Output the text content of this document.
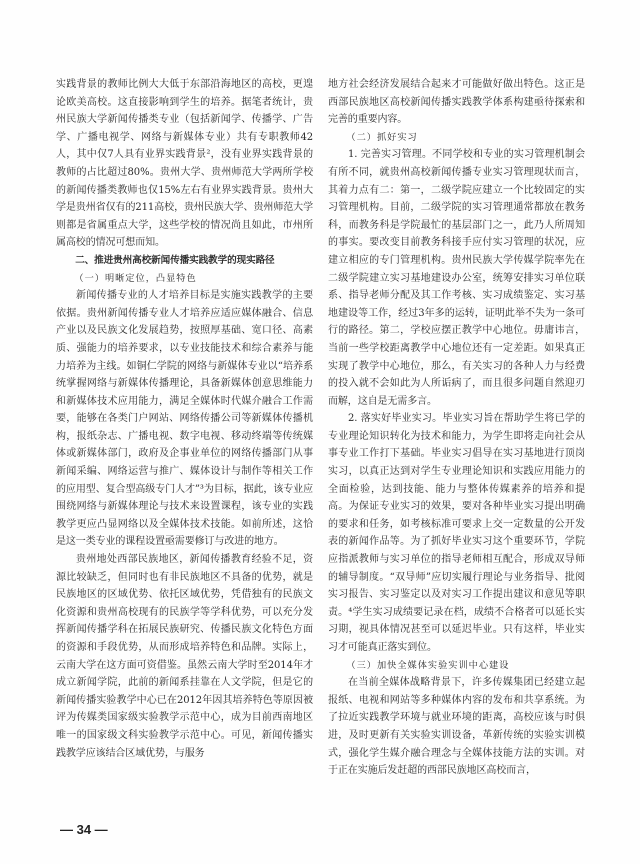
实践背景的教师比例大大低于东部沿海地区的高校，更遑论欧美高校。这直接影响到学生的培养。据笔者统计，贵州民族大学新闻传播类专业（包括新闻学、传播学、广告学、广播电视学、网络与新媒体专业）共有专职教师42人，其中仅7人具有业界实践背景²，没有业界实践背景的教师的占比超过80%。贵州大学、贵州师范大学两所学校的新闻传播类教师也仅15%左右有业界实践背景。贵州大学是贵州省仅有的211高校，贵州民族大学、贵州师范大学则都是省属重点大学，这些学校的情况尚且如此，市州所属高校的情况可想而知。

二、推进贵州高校新闻传播实践教学的现实路径

（一）明晰定位，凸显特色

新闻传播专业的人才培养目标是实施实践教学的主要依据。贵州新闻传播专业人才培养应适应媒体融合、信息产业以及民族文化发展趋势，按照厚基础、宽口径、高素质、强能力的培养要求，以专业技能技术和综合素养与能力培养为主线。如铜仁学院的网络与新媒体专业以“培养系统掌握网络与新媒体传播理论，具备新媒体创意思维能力和新媒体技术应用能力，满足全媒体时代媒介融合工作需要，能够在各类门户网站、网络传播公司等新媒体传播机构，报纸杂志、广播电视、数字电视、移动终端等传统媒体或新媒体部门，政府及企事业单位的网络传播部门从事新闻采编、网络运营与推广、媒体设计与制作等相关工作的应用型、复合型高级专门人才”³为目标，据此，该专业应围绕网络与新媒体理论与技术来设置课程，该专业的实践教学更应凸显网络以及全媒体技术技能。如前所述，这恰是这一类专业的课程设置亟需要修订与改进的地方。

贵州地处西部民族地区，新闻传播教育经验不足，资源比较缺乏，但同时也有非民族地区不具备的优势，就是民族地区的区域优势、依托区域优势，凭借独有的民族文化资源和贵州高校现有的民族学等学科优势，可以充分发挥新闻传播学科在拓展民族研究、传播民族文化特色方面的资源和手段优势，从而形成培养特色和品牌。实际上，云南大学在这方面可资借鉴。虽然云南大学时至2014年才成立新闻学院，此前的新闻系挂靠在人文学院，但是它的新闻传播实验教学中心已在2012年因其培养特色等原因被评为传媒类国家级实验教学示范中心，成为目前西南地区唯一的国家级文科实验教学示范中心。可见，新闻传播实践教学应该结合区域优势，与服务

地方社会经济发展结合起来才可能做好做出特色。这正是西部民族地区高校新闻传播实践教学体系构建亟待探索和完善的重要内容。

（二）抓好实习

1. 完善实习管理。不同学校和专业的实习管理机制会有所不同，就贵州高校新闻传播专业实习管理现状而言，其着力点有二：第一，二级学院应建立一个比较固定的实习管理机构。目前，二级学院的实习管理通常都放在教务科，而教务科是学院最忙的基层部门之一，此乃人所周知的事实。要改变目前教务科接手应付实习管理的状况，应建立相应的专门管理机构。贵州民族大学传媒学院率先在二级学院建立实习基地建设办公室，统筹安排实习单位联系、指导老师分配及其工作考核、实习成绩鉴定、实习基地建设等工作，经过3年多的运转，证明此举不失为一条可行的路径。第二，学校应摆正教学中心地位。毋庸讳言，当前一些学校距离教学中心地位还有一定差距。如果真正实现了教学中心地位，那么，有关实习的各种人力与经费的投入就不会如此为人所诟病了，而且很多问题自然迎刃而解，这自是无需多言。

2. 落实好毕业实习。毕业实习旨在帮助学生将已学的专业理论知识转化为技术和能力，为学生即将走向社会从事专业工作打下基础。毕业实习倡导在实习基地进行顶岗实习，以真正达到对学生专业理论知识和实践应用能力的全面检验，达到技能、能力与整体传媒素养的培养和提高。为保证专业实习的效果，要对各种毕业实习提出明确的要求和任务，如考核标准可要求上交一定数量的公开发表的新闻作品等。为了抓好毕业实习这个重要环节，学院应指派教师与实习单位的指导老师相互配合，形成双导师的辅导制度。“双导师”应切实履行理论与业务指导、批阅实习报告、实习鉴定以及对实习工作提出建议和意见等职责。⁴学生实习成绩要记录在档，成绩不合格者可以延长实习期，视具体情况甚至可以延迟毕业。只有这样，毕业实习才可能真正落实到位。

（三）加快全媒体实验实训中心建设

在当前全媒体战略背景下，许多传媒集团已经建立起报纸、电视和网站等多种媒体内容的发布和共享系统。为了拉近实践教学环境与就业环境的距离，高校应该与时俱进，及时更新有关实验实训设备，革新传统的实验实训模式，强化学生媒介融合理念与全媒体技能方法的实训。对于正在实施后发赶超的西部民族地区高校而言，

— 34 —
